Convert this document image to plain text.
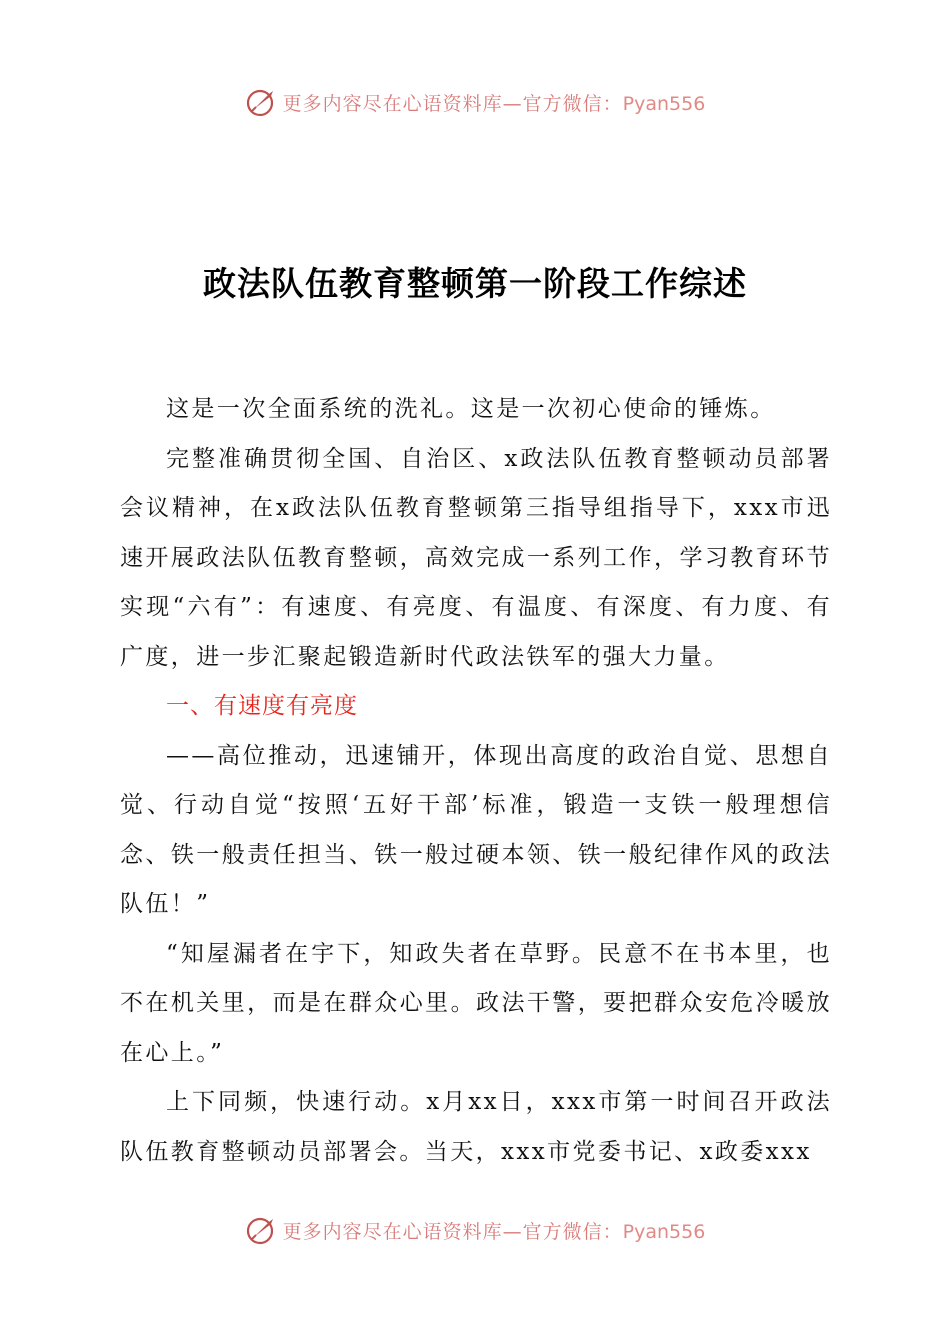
更多内容尽在心语资料库—官方微信：Pyan556
政法队伍教育整顿第一阶段工作综述

这是一次全面系统的洗礼。这是一次初心使命的锤炼。

完整准确贯彻全国、自治区、x政法队伍教育整顿动员部署会议精神，在x政法队伍教育整顿第三指导组指导下，xxx市迅速开展政法队伍教育整顿，高效完成一系列工作，学习教育环节实现“六有”：有速度、有亮度、有温度、有深度、有力度、有广度，进一步汇聚起锻造新时代政法铁军的强大力量。

一、有速度有亮度

——高位推动，迅速铺开，体现出高度的政治自觉、思想自觉、行动自觉“按照‘五好干部’标准，锻造一支铁一般理想信念、铁一般责任担当、铁一般过硬本领、铁一般纪律作风的政法队伍！”

“知屋漏者在宇下，知政失者在草野。民意不在书本里，也不在机关里，而是在群众心里。政法干警，要把群众安危冷暖放在心上。”

上下同频，快速行动。x月xx日，xxx市第一时间召开政法队伍教育整顿动员部署会。当天，xxx市党委书记、x政委xxx

更多内容尽在心语资料库—官方微信：Pyan556
